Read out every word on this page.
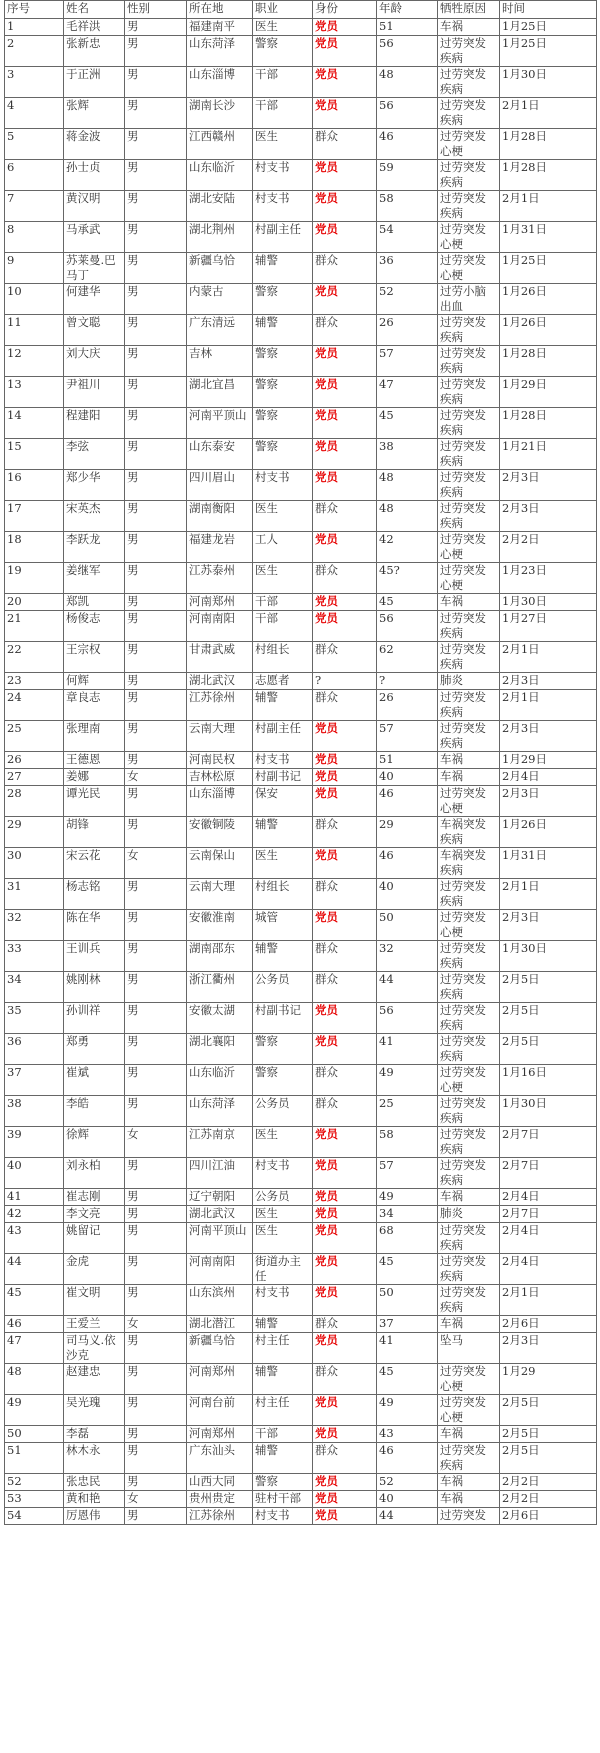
序号	姓名	性别	所在地	职业	身份	年龄	牺牲原因	时间
1	毛祥洪	男	福建南平	医生	党员	51	车祸	1月25日
2	张新忠	男	山东菏泽	警察	党员	56	过劳突发疾病	1月25日
3	于正洲	男	山东淄博	干部	党员	48	过劳突发疾病	1月30日
4	张辉	男	湖南长沙	干部	党员	56	过劳突发疾病	2月1日
5	蒋金波	男	江西赣州	医生	群众	46	过劳突发心梗	1月28日
6	孙士贞	男	山东临沂	村支书	党员	59	过劳突发疾病	1月28日
7	黄汉明	男	湖北安陆	村支书	党员	58	过劳突发疾病	2月1日
8	马承武	男	湖北荆州	村副主任	党员	54	过劳突发心梗	1月31日
9	苏莱曼.巴马丁	男	新疆乌恰	辅警	群众	36	过劳突发心梗	1月25日
10	何建华	男	内蒙古	警察	党员	52	过劳小脑出血	1月26日
11	曾文聪	男	广东清远	辅警	群众	26	过劳突发疾病	1月26日
12	刘大庆	男	吉林	警察	党员	57	过劳突发疾病	1月28日
13	尹祖川	男	湖北宜昌	警察	党员	47	过劳突发疾病	1月29日
14	程建阳	男	河南平顶山	警察	党员	45	过劳突发疾病	1月28日
15	李弦	男	山东泰安	警察	党员	38	过劳突发疾病	1月21日
16	郑少华	男	四川眉山	村支书	党员	48	过劳突发疾病	2月3日
17	宋英杰	男	湖南衡阳	医生	群众	48	过劳突发疾病	2月3日
18	李跃龙	男	福建龙岩	工人	党员	42	过劳突发心梗	2月2日
19	姜继军	男	江苏泰州	医生	群众	45?	过劳突发心梗	1月23日
20	郑凯	男	河南郑州	干部	党员	45	车祸	1月30日
21	杨俊志	男	河南南阳	干部	党员	56	过劳突发疾病	1月27日
22	王宗权	男	甘肃武威	村组长	群众	62	过劳突发疾病	2月1日
23	何辉	男	湖北武汉	志愿者	?	?	肺炎	2月3日
24	章良志	男	江苏徐州	辅警	群众	26	过劳突发疾病	2月1日
25	张理南	男	云南大理	村副主任	党员	57	过劳突发疾病	2月3日
26	王德恩	男	河南民权	村支书	党员	51	车祸	1月29日
27	姜娜	女	吉林松原	村副书记	党员	40	车祸	2月4日
28	谭光民	男	山东淄博	保安	党员	46	过劳突发心梗	2月3日
29	胡锋	男	安徽铜陵	辅警	群众	29	车祸突发疾病	1月26日
30	宋云花	女	云南保山	医生	党员	46	车祸突发疾病	1月31日
31	杨志铭	男	云南大理	村组长	群众	40	过劳突发疾病	2月1日
32	陈在华	男	安徽淮南	城管	党员	50	过劳突发心梗	2月3日
33	王训兵	男	湖南邵东	辅警	群众	32	过劳突发疾病	1月30日
34	姚刚林	男	浙江衢州	公务员	群众	44	过劳突发疾病	2月5日
35	孙训祥	男	安徽太湖	村副书记	党员	56	过劳突发疾病	2月5日
36	郑勇	男	湖北襄阳	警察	党员	41	过劳突发疾病	2月5日
37	崔斌	男	山东临沂	警察	群众	49	过劳突发心梗	1月16日
38	李皓	男	山东菏泽	公务员	群众	25	过劳突发疾病	1月30日
39	徐辉	女	江苏南京	医生	党员	58	过劳突发疾病	2月7日
40	刘永柏	男	四川江油	村支书	党员	57	过劳突发疾病	2月7日
41	崔志刚	男	辽宁朝阳	公务员	党员	49	车祸	2月4日
42	李文亮	男	湖北武汉	医生	党员	34	肺炎	2月7日
43	姚留记	男	河南平顶山	医生	党员	68	过劳突发疾病	2月4日
44	金虎	男	河南南阳	街道办主任	党员	45	过劳突发疾病	2月4日
45	崔文明	男	山东滨州	村支书	党员	50	过劳突发疾病	2月1日
46	王爱兰	女	湖北潜江	辅警	群众	37	车祸	2月6日
47	司马义.依沙克	男	新疆乌恰	村主任	党员	41	坠马	2月3日
48	赵建忠	男	河南郑州	辅警	群众	45	过劳突发心梗	1月29
49	吴光瑰	男	河南台前	村主任	党员	49	过劳突发心梗	2月5日
50	李磊	男	河南郑州	干部	党员	43	车祸	2月5日
51	林木永	男	广东汕头	辅警	群众	46	过劳突发疾病	2月5日
52	张忠民	男	山西大同	警察	党员	52	车祸	2月2日
53	黄和艳	女	贵州贵定	驻村干部	党员	40	车祸	2月2日
54	厉恩伟	男	江苏徐州	村支书	党员	44	过劳突发	2月6日
